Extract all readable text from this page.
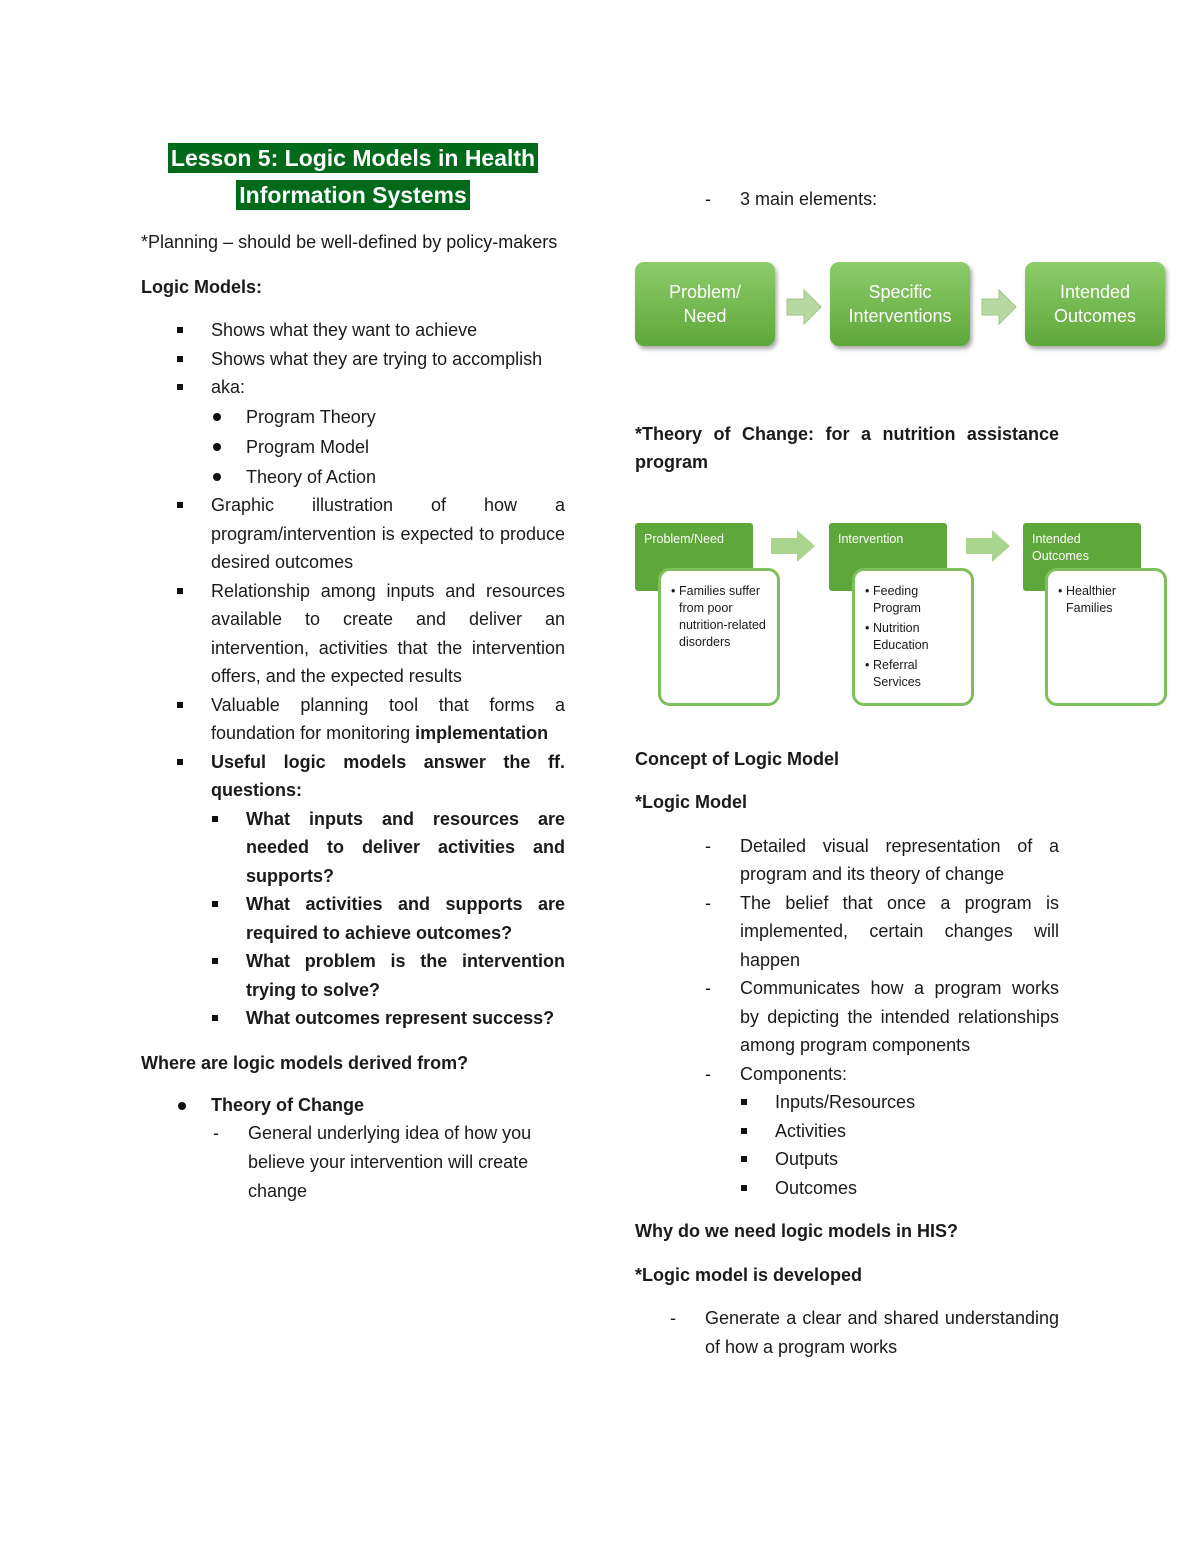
Lesson 5: Logic Models in Health
Information Systems

*Planning – should be well-defined by policy-makers

Logic Models:

Shows what they want to achieve
Shows what they are trying to accomplish
aka:
Program Theory
Program Model
Theory of Action
Graphic illustration of how a program/intervention is expected to produce desired outcomes
Relationship among inputs and resources available to create and deliver an intervention, activities that the intervention offers, and the expected results
Valuable planning tool that forms a foundation for monitoring implementation
Useful logic models answer the ff. questions:
What inputs and resources are needed to deliver activities and supports?
What activities and supports are required to achieve outcomes?
What problem is the intervention trying to solve?
What outcomes represent success?

Where are logic models derived from?

Theory of Change
- General underlying idea of how you believe your intervention will create change
- 3 main elements:
Problem/
Need
Specific
Interventions
Intended
Outcomes

*Theory of Change: for a nutrition assistance program

Problem/Need
• Families suffer from poor nutrition-related disorders
Intervention
• Feeding Program
• Nutrition Education
• Referral Services
Intended
Outcomes
• Healthier Families

Concept of Logic Model

*Logic Model

- Detailed visual representation of a program and its theory of change
- The belief that once a program is implemented, certain changes will happen
- Communicates how a program works by depicting the intended relationships among program components
- Components:
Inputs/Resources
Activities
Outputs
Outcomes

Why do we need logic models in HIS?

*Logic model is developed

- Generate a clear and shared understanding of how a program works
